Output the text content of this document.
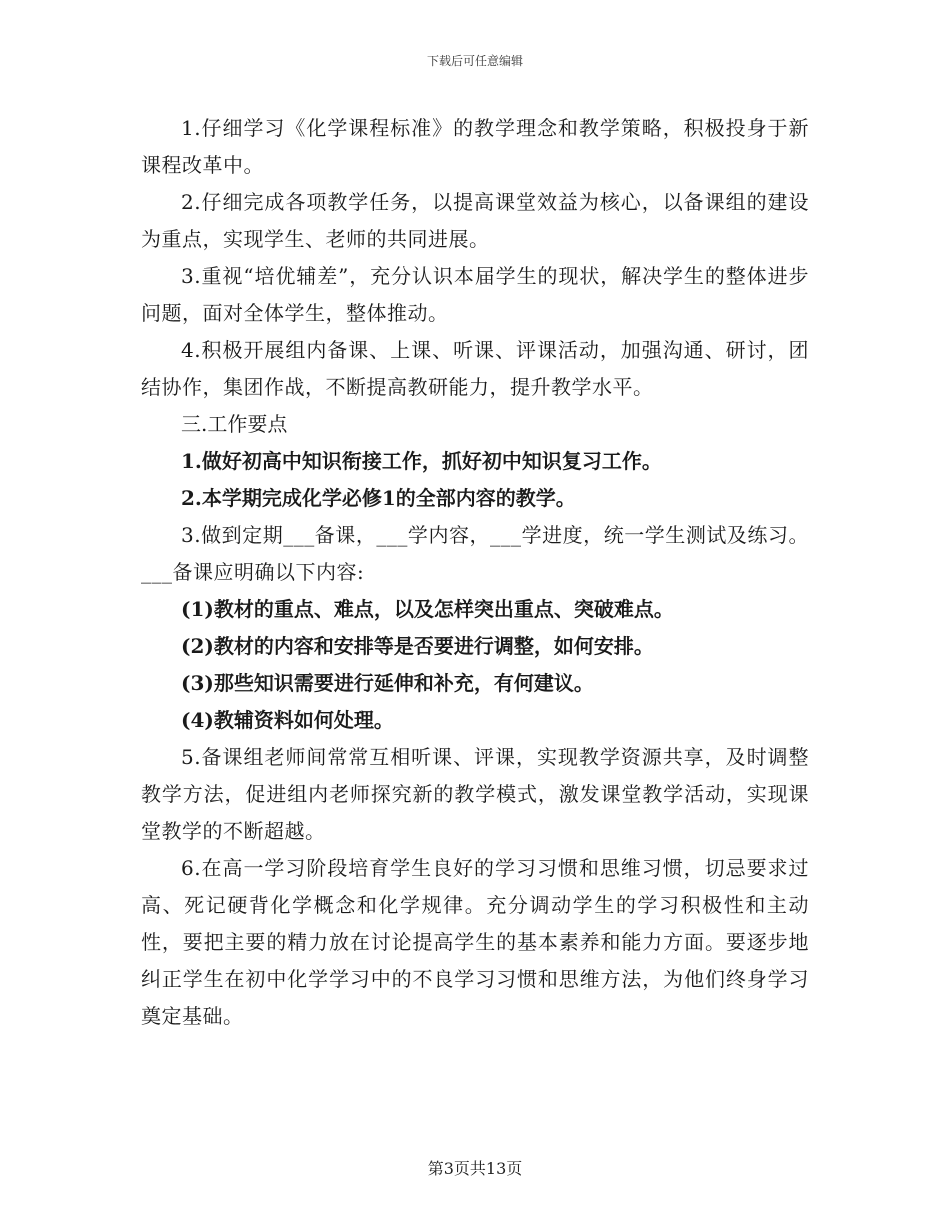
下载后可任意编辑

1.仔细学习《化学课程标准》的教学理念和教学策略，积极投身于新课程改革中。

2.仔细完成各项教学任务，以提高课堂效益为核心，以备课组的建设为重点，实现学生、老师的共同进展。

3.重视“培优辅差”，充分认识本届学生的现状，解决学生的整体进步问题，面对全体学生，整体推动。

4.积极开展组内备课、上课、听课、评课活动，加强沟通、研讨，团结协作，集团作战，不断提高教研能力，提升教学水平。

三.工作要点

1.做好初高中知识衔接工作，抓好初中知识复习工作。

2.本学期完成化学必修1的全部内容的教学。

3.做到定期___备课，___学内容，___学进度，统一学生测试及练习。___备课应明确以下内容:

(1)教材的重点、难点，以及怎样突出重点、突破难点。

(2)教材的内容和安排等是否要进行调整，如何安排。

(3)那些知识需要进行延伸和补充，有何建议。

(4)教辅资料如何处理。

5.备课组老师间常常互相听课、评课，实现教学资源共享，及时调整教学方法，促进组内老师探究新的教学模式，激发课堂教学活动，实现课堂教学的不断超越。

6.在高一学习阶段培育学生良好的学习习惯和思维习惯，切忌要求过高、死记硬背化学概念和化学规律。充分调动学生的学习积极性和主动性，要把主要的精力放在讨论提高学生的基本素养和能力方面。要逐步地纠正学生在初中化学学习中的不良学习习惯和思维方法，为他们终身学习奠定基础。

第3页共13页
